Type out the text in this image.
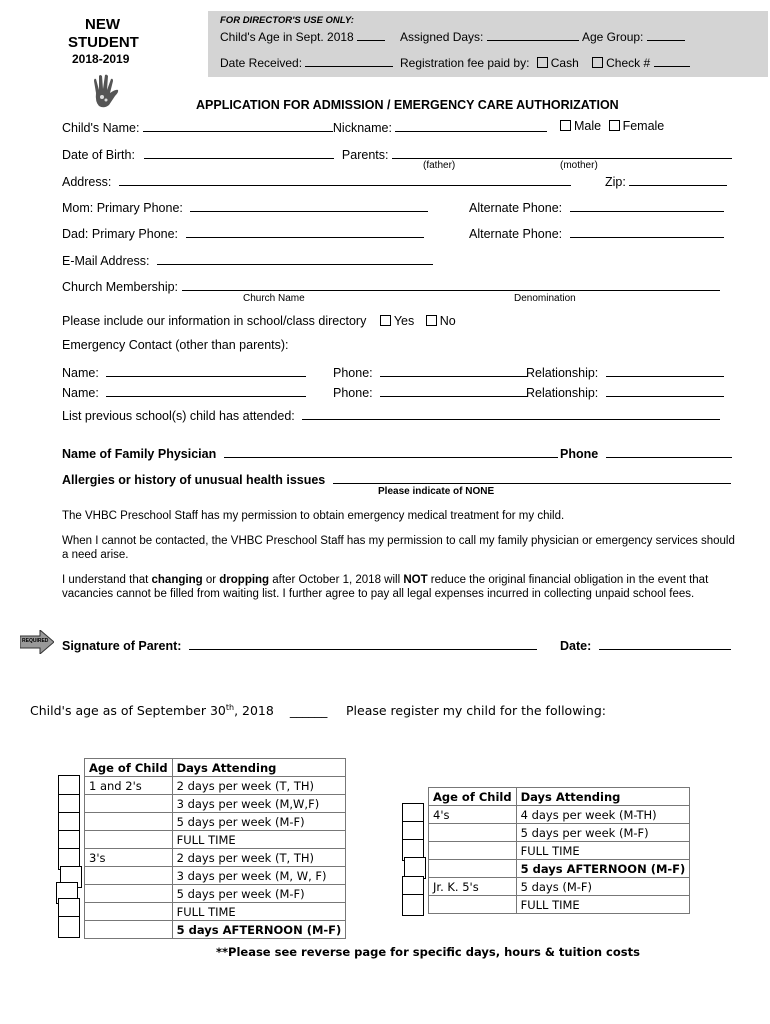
NEW
STUDENT
2018-2019
FOR DIRECTOR'S USE ONLY:
Child's Age in Sept. 2018	Assigned Days:	Age Group:
Date Received:	Registration fee paid by: Cash Check #
APPLICATION FOR ADMISSION / EMERGENCY CARE AUTHORIZATION
Child's Name:	Nickname:	Male Female
Date of Birth:	Parents:
(father)	(mother)
Address:	Zip:
Mom: Primary Phone:	Alternate Phone:
Dad: Primary Phone:	Alternate Phone:
E-Mail Address:
Church Membership:
Church Name	Denomination
Please include our information in school/class directory Yes No
Emergency Contact (other than parents):
Name:	Phone:	Relationship:
Name:	Phone:	Relationship:
List previous school(s) child has attended:
Name of Family Physician	Phone
Allergies or history of unusual health issues
Please indicate of NONE
The VHBC Preschool Staff has my permission to obtain emergency medical treatment for my child.
When I cannot be contacted, the VHBC Preschool Staff has my permission to call my family physician or emergency services should a need arise.
I understand that changing or dropping after October 1, 2018 will NOT reduce the original financial obligation in the event that vacancies cannot be filled from waiting list. I further agree to pay all legal expenses incurred in collecting unpaid school fees.
REQUIRED Signature of Parent:	Date:
Child's age as of September 30th, 2018 ______ Please register my child for the following:
Age of Child	Days Attending
1 and 2's	2 days per week (T, TH)
	3 days per week (M,W,F)
	5 days per week (M-F)
	FULL TIME
3's	2 days per week (T, TH)
	3 days per week (M, W, F)
	5 days per week (M-F)
	FULL TIME
	5 days AFTERNOON (M-F)
Age of Child	Days Attending
4's	4 days per week (M-TH)
	5 days per week (M-F)
	FULL TIME
	5 days AFTERNOON (M-F)
Jr. K. 5's	5 days (M-F)
	FULL TIME
**Please see reverse page for specific days, hours & tuition costs
